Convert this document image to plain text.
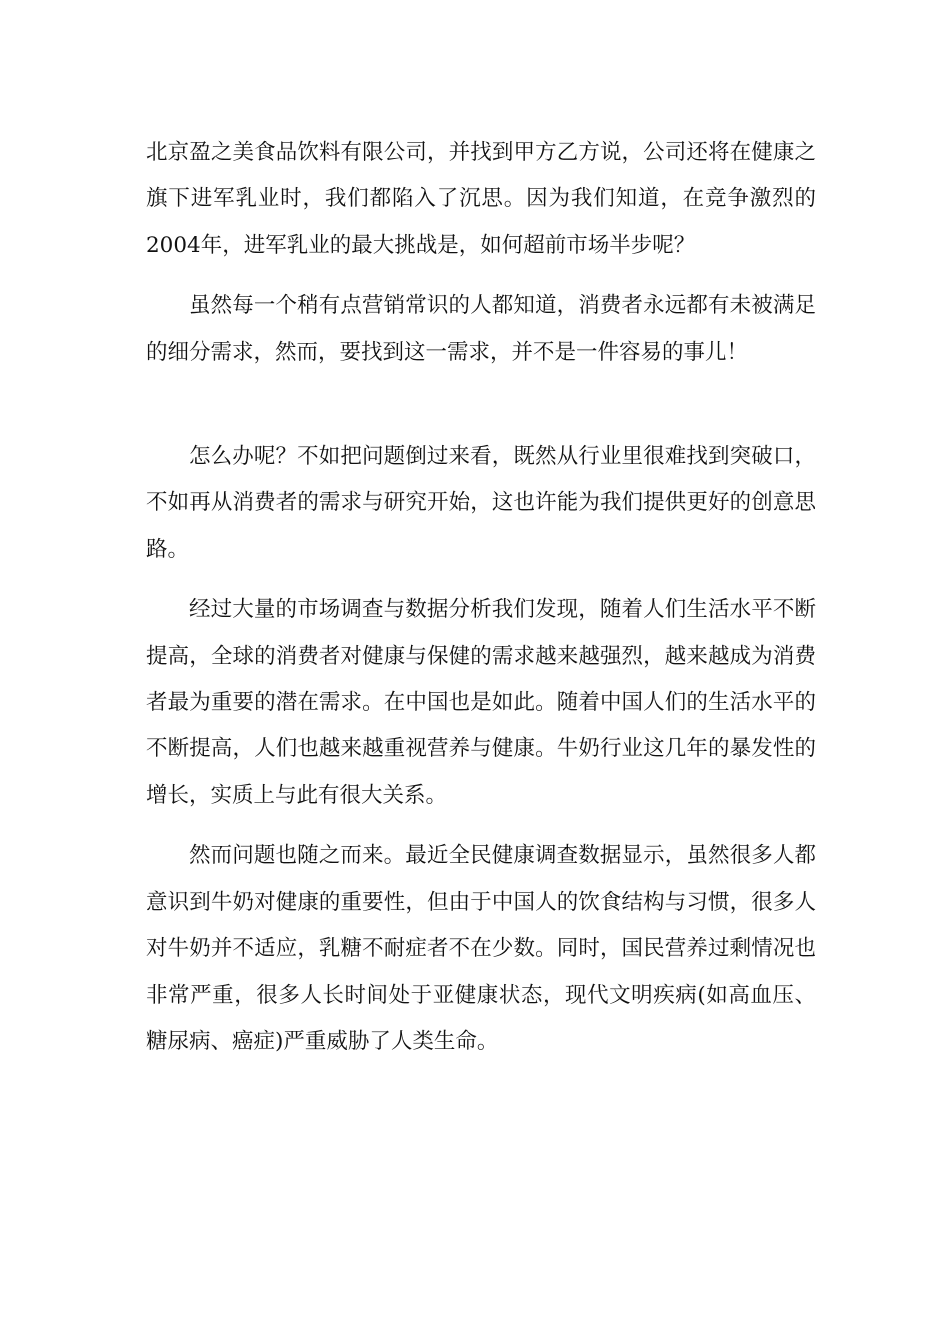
北京盈之美食品饮料有限公司，并找到甲方乙方说，公司还将在健康之旗下进军乳业时，我们都陷入了沉思。因为我们知道，在竞争激烈的2004年，进军乳业的最大挑战是，如何超前市场半步呢？

虽然每一个稍有点营销常识的人都知道，消费者永远都有未被满足的细分需求，然而，要找到这一需求，并不是一件容易的事儿！

怎么办呢？不如把问题倒过来看，既然从行业里很难找到突破口，不如再从消费者的需求与研究开始，这也许能为我们提供更好的创意思路。

经过大量的市场调查与数据分析我们发现，随着人们生活水平不断提高，全球的消费者对健康与保健的需求越来越强烈，越来越成为消费者最为重要的潜在需求。在中国也是如此。随着中国人们的生活水平的不断提高，人们也越来越重视营养与健康。牛奶行业这几年的暴发性的增长，实质上与此有很大关系。

然而问题也随之而来。最近全民健康调查数据显示，虽然很多人都意识到牛奶对健康的重要性，但由于中国人的饮食结构与习惯，很多人对牛奶并不适应，乳糖不耐症者不在少数。同时，国民营养过剩情况也非常严重，很多人长时间处于亚健康状态，现代文明疾病(如高血压、糖尿病、癌症)严重威胁了人类生命。
